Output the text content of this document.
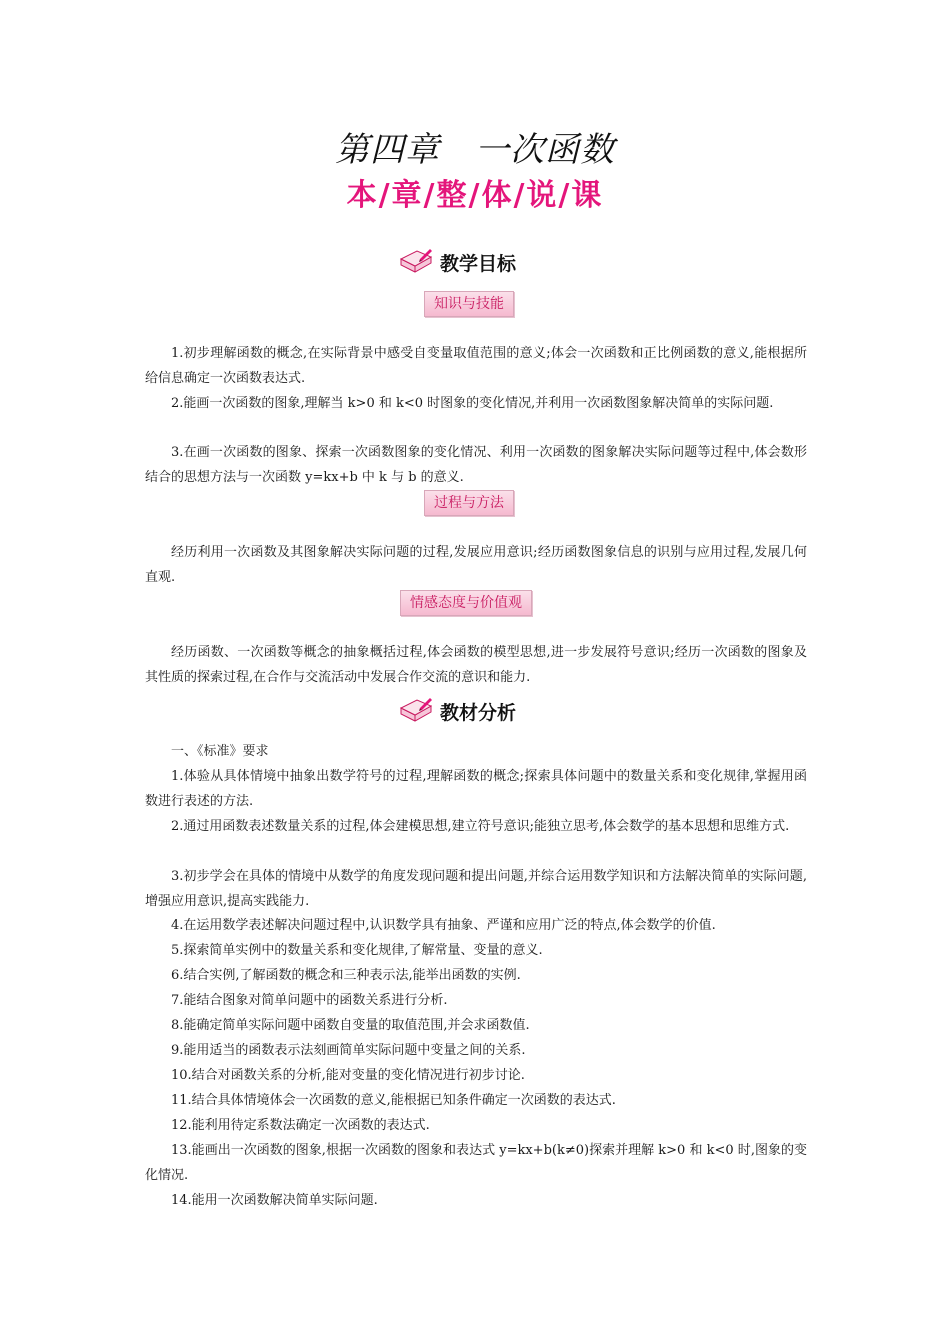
第四章　一次函数
本/章/整/体/说/课
教学目标
知识与技能
1.初步理解函数的概念,在实际背景中感受自变量取值范围的意义;体会一次函数和正比例函数的意义,能根据所给信息确定一次函数表达式.
2.能画一次函数的图象,理解当 k>0 和 k<0 时图象的变化情况,并利用一次函数图象解决简单的实际问题.
3.在画一次函数的图象、探索一次函数图象的变化情况、利用一次函数的图象解决实际问题等过程中,体会数形结合的思想方法与一次函数 y=kx+b 中 k 与 b 的意义.
过程与方法
经历利用一次函数及其图象解决实际问题的过程,发展应用意识;经历函数图象信息的识别与应用过程,发展几何直观.
情感态度与价值观
经历函数、一次函数等概念的抽象概括过程,体会函数的模型思想,进一步发展符号意识;经历一次函数的图象及其性质的探索过程,在合作与交流活动中发展合作交流的意识和能力.
教材分析
一、《标准》要求
1.体验从具体情境中抽象出数学符号的过程,理解函数的概念;探索具体问题中的数量关系和变化规律,掌握用函数进行表述的方法.
2.通过用函数表述数量关系的过程,体会建模思想,建立符号意识;能独立思考,体会数学的基本思想和思维方式.
3.初步学会在具体的情境中从数学的角度发现问题和提出问题,并综合运用数学知识和方法解决简单的实际问题,增强应用意识,提高实践能力.
4.在运用数学表述解决问题过程中,认识数学具有抽象、严谨和应用广泛的特点,体会数学的价值.
5.探索简单实例中的数量关系和变化规律,了解常量、变量的意义.
6.结合实例,了解函数的概念和三种表示法,能举出函数的实例.
7.能结合图象对简单问题中的函数关系进行分析.
8.能确定简单实际问题中函数自变量的取值范围,并会求函数值.
9.能用适当的函数表示法刻画简单实际问题中变量之间的关系.
10.结合对函数关系的分析,能对变量的变化情况进行初步讨论.
11.结合具体情境体会一次函数的意义,能根据已知条件确定一次函数的表达式.
12.能利用待定系数法确定一次函数的表达式.
13.能画出一次函数的图象,根据一次函数的图象和表达式 y=kx+b(k≠0)探索并理解 k>0 和 k<0 时,图象的变化情况.
14.能用一次函数解决简单实际问题.
